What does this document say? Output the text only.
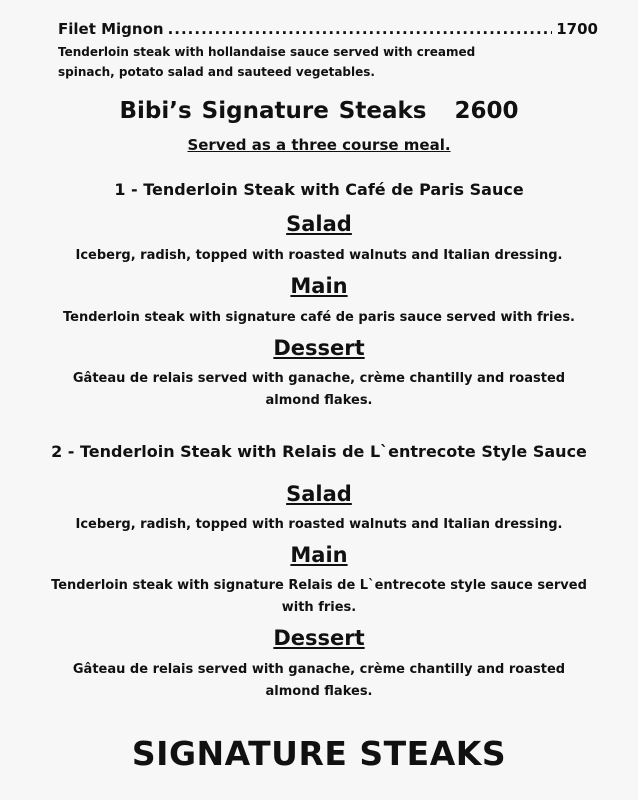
Filet Mignon
.....	1700
Tenderloin steak with hollandaise sauce served with creamed spinach, potato salad and sauteed vegetables.
Bibi’s Signature Steaks 2600
Served as a three course meal.
1 - Tenderloin Steak with Café de Paris Sauce
Salad
Iceberg, radish, topped with roasted walnuts and Italian dressing.
Main
Tenderloin steak with signature café de paris sauce served with fries.
Dessert
Gâteau de relais served with ganache, crème chantilly and roasted almond flakes.
2 - Tenderloin Steak with Relais de L`entrecote Style Sauce
Salad
Iceberg, radish, topped with roasted walnuts and Italian dressing.
Main
Tenderloin steak with signature Relais de L`entrecote style sauce served with fries.
Dessert
Gâteau de relais served with ganache, crème chantilly and roasted almond flakes.
SIGNATURE STEAKS
